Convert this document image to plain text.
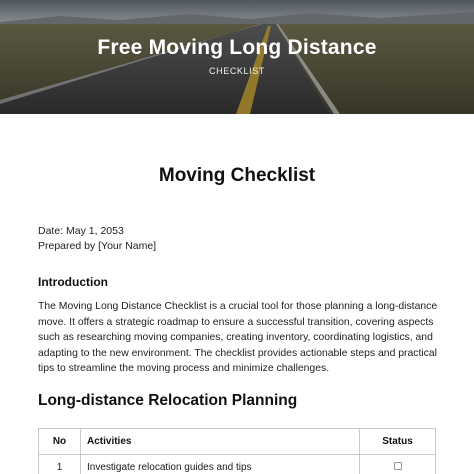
Free Moving Long Distance
CHECKLIST
Moving Checklist
Date: May 1, 2053
Prepared by [Your Name]
Introduction
The Moving Long Distance Checklist is a crucial tool for those planning a long-distance move. It offers a strategic roadmap to ensure a successful transition, covering aspects such as researching moving companies, creating inventory, coordinating logistics, and adapting to the new environment. The checklist provides actionable steps and practical tips to streamline the moving process and minimize challenges.
Long-distance Relocation Planning
No	Activities	Status
1	Investigate relocation guides and tips	
